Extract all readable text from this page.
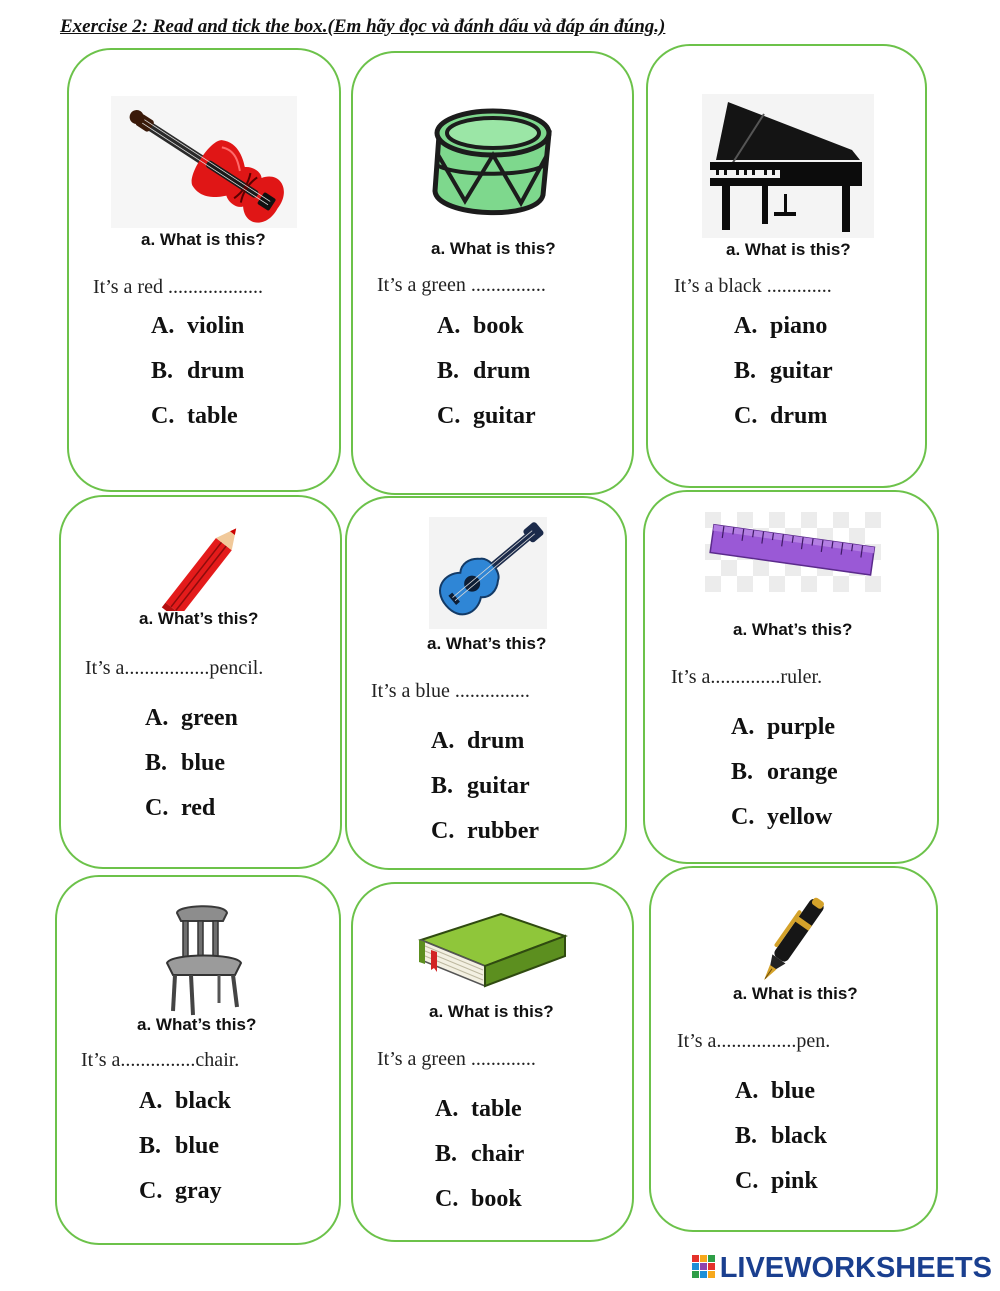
Exercise 2: Read and tick the box.(Em hãy đọc và đánh dấu và đáp án đúng.)
a. What is this?
It’s a red ...................
A. violin
B. drum
C. table
a. What is this?
It’s a green ...............
A. book
B. drum
C. guitar
a. What is this?
It’s a black .............
A. piano
B. guitar
C. drum
a. What’s this?
It’s a.................pencil.
A. green
B. blue
C. red
a. What’s this?
It’s a blue ...............
A. drum
B. guitar
C. rubber
a. What’s this?
It’s a..............ruler.
A. purple
B. orange
C. yellow
a. What’s this?
It’s a...............chair.
A. black
B. blue
C. gray
a. What is this?
It’s a green .............
A. table
B. chair
C. book
a. What is this?
It’s a................pen.
A. blue
B. black
C. pink
LIVEWORKSHEETS
